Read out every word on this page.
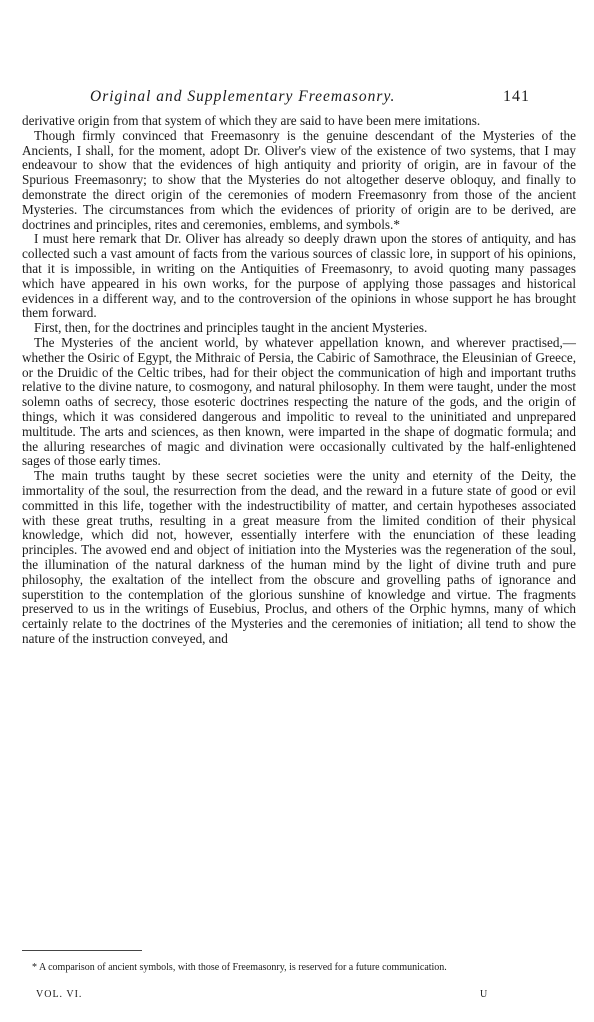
Original and Supplementary Freemasonry.	141

derivative origin from that system of which they are said to have been mere imitations.

Though firmly convinced that Freemasonry is the genuine descendant of the Mysteries of the Ancients, I shall, for the moment, adopt Dr. Oliver's view of the existence of two systems, that I may endeavour to show that the evidences of high antiquity and priority of origin, are in favour of the Spurious Freemasonry; to show that the Mysteries do not altogether deserve obloquy, and finally to demonstrate the direct origin of the ceremonies of modern Freemasonry from those of the ancient Mysteries. The circumstances from which the evidences of priority of origin are to be derived, are doctrines and principles, rites and ceremonies, emblems, and symbols.*

I must here remark that Dr. Oliver has already so deeply drawn upon the stores of antiquity, and has collected such a vast amount of facts from the various sources of classic lore, in support of his opinions, that it is impossible, in writing on the Antiquities of Freemasonry, to avoid quoting many passages which have appeared in his own works, for the purpose of applying those passages and historical evidences in a different way, and to the controversion of the opinions in whose support he has brought them forward.

First, then, for the doctrines and principles taught in the ancient Mysteries.

The Mysteries of the ancient world, by whatever appellation known, and wherever practised,—whether the Osiric of Egypt, the Mithraic of Persia, the Cabiric of Samothrace, the Eleusinian of Greece, or the Druidic of the Celtic tribes, had for their object the communication of high and important truths relative to the divine nature, to cosmogony, and natural philosophy. In them were taught, under the most solemn oaths of secrecy, those esoteric doctrines respecting the nature of the gods, and the origin of things, which it was considered dangerous and impolitic to reveal to the uninitiated and unprepared multitude. The arts and sciences, as then known, were imparted in the shape of dogmatic formula; and the alluring researches of magic and divination were occasionally cultivated by the half-enlightened sages of those early times.

The main truths taught by these secret societies were the unity and eternity of the Deity, the immortality of the soul, the resurrection from the dead, and the reward in a future state of good or evil committed in this life, together with the indestructibility of matter, and certain hypotheses associated with these great truths, resulting in a great measure from the limited condition of their physical knowledge, which did not, however, essentially interfere with the enunciation of these leading principles. The avowed end and object of initiation into the Mysteries was the regeneration of the soul, the illumination of the natural darkness of the human mind by the light of divine truth and pure philosophy, the exaltation of the intellect from the obscure and grovelling paths of ignorance and superstition to the contemplation of the glorious sunshine of knowledge and virtue. The fragments preserved to us in the writings of Eusebius, Proclus, and others of the Orphic hymns, many of which certainly relate to the doctrines of the Mysteries and the ceremonies of initiation; all tend to show the nature of the instruction conveyed, and

* A comparison of ancient symbols, with those of Freemasonry, is reserved for a future communication.

VOL. VI.	U
